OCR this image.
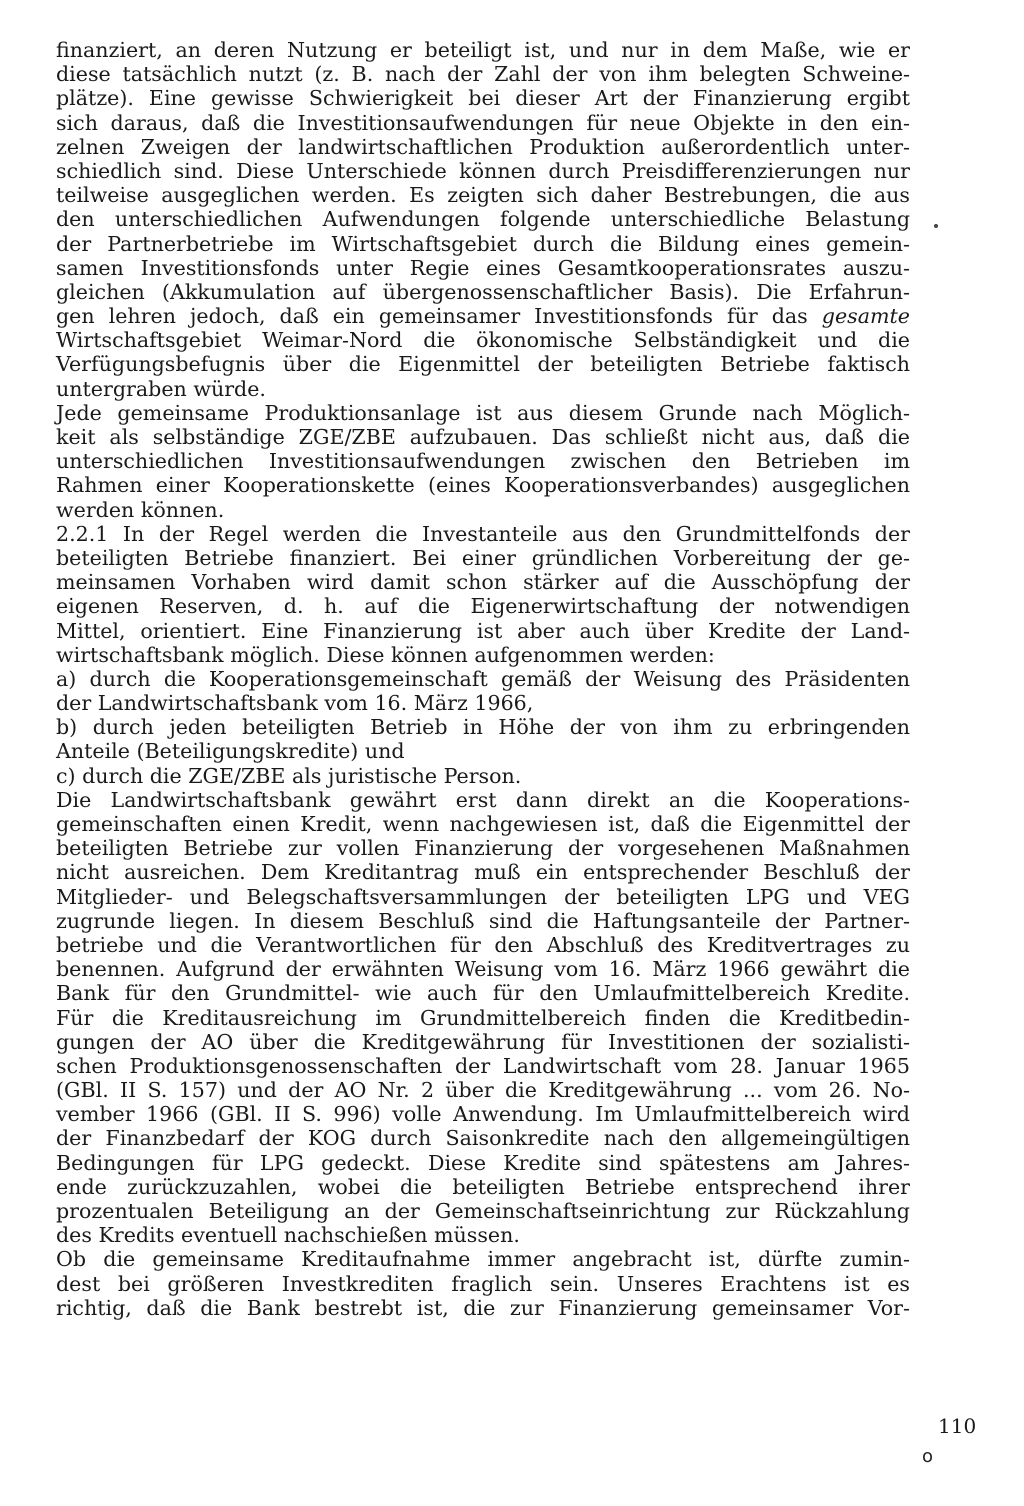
finanziert, an deren Nutzung er beteiligt ist, und nur in dem Maße, wie er
diese tatsächlich nutzt (z. B. nach der Zahl der von ihm belegten Schweine-
plätze). Eine gewisse Schwierigkeit bei dieser Art der Finanzierung ergibt
sich daraus, daß die Investitionsaufwendungen für neue Objekte in den ein-
zelnen Zweigen der landwirtschaftlichen Produktion außerordentlich unter-
schiedlich sind. Diese Unterschiede können durch Preisdifferenzierungen nur
teilweise ausgeglichen werden. Es zeigten sich daher Bestrebungen, die aus
den unterschiedlichen Aufwendungen folgende unterschiedliche Belastung
der Partnerbetriebe im Wirtschaftsgebiet durch die Bildung eines gemein-
samen Investitionsfonds unter Regie eines Gesamtkooperationsrates auszu-
gleichen (Akkumulation auf übergenossenschaftlicher Basis). Die Erfahrun-
gen lehren jedoch, daß ein gemeinsamer Investitionsfonds für das gesamte
Wirtschaftsgebiet Weimar-Nord die ökonomische Selbständigkeit und die
Verfügungsbefugnis über die Eigenmittel der beteiligten Betriebe faktisch
untergraben würde.
Jede gemeinsame Produktionsanlage ist aus diesem Grunde nach Möglich-
keit als selbständige ZGE/ZBE aufzubauen. Das schließt nicht aus, daß die
unterschiedlichen Investitionsaufwendungen zwischen den Betrieben im
Rahmen einer Kooperationskette (eines Kooperationsverbandes) ausgeglichen
werden können.
2.2.1 In der Regel werden die Investanteile aus den Grundmittelfonds der
beteiligten Betriebe finanziert. Bei einer gründlichen Vorbereitung der ge-
meinsamen Vorhaben wird damit schon stärker auf die Ausschöpfung der
eigenen Reserven, d. h. auf die Eigenerwirtschaftung der notwendigen
Mittel, orientiert. Eine Finanzierung ist aber auch über Kredite der Land-
wirtschaftsbank möglich. Diese können aufgenommen werden:
a) durch die Kooperationsgemeinschaft gemäß der Weisung des Präsidenten
der Landwirtschaftsbank vom 16. März 1966,
b) durch jeden beteiligten Betrieb in Höhe der von ihm zu erbringenden
Anteile (Beteiligungskredite) und
c) durch die ZGE/ZBE als juristische Person.
Die Landwirtschaftsbank gewährt erst dann direkt an die Kooperations-
gemeinschaften einen Kredit, wenn nachgewiesen ist, daß die Eigenmittel der
beteiligten Betriebe zur vollen Finanzierung der vorgesehenen Maßnahmen
nicht ausreichen. Dem Kreditantrag muß ein entsprechender Beschluß der
Mitglieder- und Belegschaftsversammlungen der beteiligten LPG und VEG
zugrunde liegen. In diesem Beschluß sind die Haftungsanteile der Partner-
betriebe und die Verantwortlichen für den Abschluß des Kreditvertrages zu
benennen. Aufgrund der erwähnten Weisung vom 16. März 1966 gewährt die
Bank für den Grundmittel- wie auch für den Umlaufmittelbereich Kredite.
Für die Kreditausreichung im Grundmittelbereich finden die Kreditbedin-
gungen der AO über die Kreditgewährung für Investitionen der sozialisti-
schen Produktionsgenossenschaften der Landwirtschaft vom 28. Januar 1965
(GBl. II S. 157) und der AO Nr. 2 über die Kreditgewährung ... vom 26. No-
vember 1966 (GBl. II S. 996) volle Anwendung. Im Umlaufmittelbereich wird
der Finanzbedarf der KOG durch Saisonkredite nach den allgemeingültigen
Bedingungen für LPG gedeckt. Diese Kredite sind spätestens am Jahres-
ende zurückzuzahlen, wobei die beteiligten Betriebe entsprechend ihrer
prozentualen Beteiligung an der Gemeinschaftseinrichtung zur Rückzahlung
des Kredits eventuell nachschießen müssen.
Ob die gemeinsame Kreditaufnahme immer angebracht ist, dürfte zumin-
dest bei größeren Investkrediten fraglich sein. Unseres Erachtens ist es
richtig, daß die Bank bestrebt ist, die zur Finanzierung gemeinsamer Vor-
110
o
